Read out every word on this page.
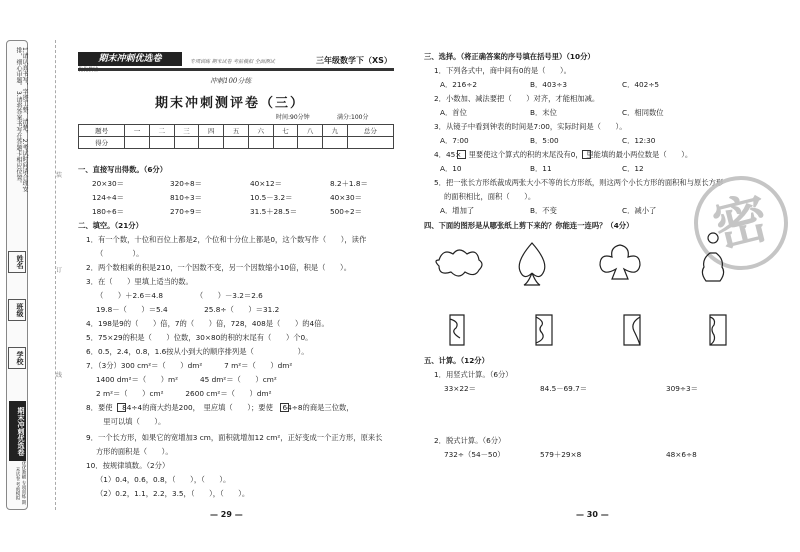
1.请认真书写，字迹工整、清楚。 2.考试时间请合理安排，细心审题。 3.请将答案书写在答题卡相应位置。
姓名
班级
学校
期末冲刺优选卷
优优教辅 专项训练 期末试卷 考前模拟
装
订
线
期末冲刺优选卷	专项训练 期末试卷 考前模拟 全面测试	三年级数学下（XS）
冲刺100分练
期末冲刺测评卷（三）
时间:90分钟	满分:100分
题号	一	二	三	四	五	六	七	八	九	总分
得分										
一、直接写出得数。（6分）
20×30＝	320÷8＝	40×12＝	8.2＋1.8＝
124÷4＝	810÷3＝	10.5－3.2＝	40×30＝
180÷6＝	270÷9＝	31.5＋28.5＝	500÷2＝
二、填空。（21分）
1．有一个数，十位和百位上都是2，个位和十分位上都是0，这个数写作（　　），读作
（　　　　）。
2．两个数相乘的积是210，一个因数不变，另一个因数缩小10倍，积是（　　）。
3．在（　　）里填上适当的数。
（　　）＋2.6＝4.8　　　　　（　　）－3.2＝2.6
19.8－（　　）＝5.4　　　　　25.8÷（　　）＝31.2
4．198是9的（　　）倍，7的（　　）倍，728，408是（　　）的4倍。
5．75×29的积是（　　）位数，30×80的积的末尾有（　　）个0。
6．0.5，2.4，0.8，1.6按从小到大的顺序排列是（　　　　　　）。
7．（3分）300 cm²＝（　　）dm²　　　7 m²＝（　　）dm²
1400 dm²＝（　　）m²　　　45 dm²＝（　　）cm²
2 m²＝（　　）cm²　　　2600 cm²＝（　　）dm²
8．要使　 84÷4的商大约是200，　里应填（　　）；要使　 64÷8的商是三位数，
　里可以填（　　）。
9．一个长方形，如果它的宽增加3 cm，面积就增加12 cm²，正好变成一个正方形，原来长
方形的面积是（　　）。
10．按规律填数。（2分）
（1）0.4，0.6，0.8，（　　），（　　）。
（2）0.2，1.1，2.2，3.5，（　　），（　　）。
— 29 —
三、选择。（将正确答案的序号填在括号里）（10分）
1．下列各式中，商中间有0的是（　　）。
A．216÷2	B．403÷3	C．402÷5
2．小数加、减法要把（　　）对齐，才能相加减。
A．首位	B．末位	C．相同数位
3．从镜子中看到钟表的时间是7:00，实际时间是（　　）。
A．7:00	B．5:00	C．12:30
4．45×　里要使这个算式的积的末尾没有0，　里能填的最小两位数是（　　）。
A．10	B．11	C．12
5．把一张长方形纸裁成两张大小不等的长方形纸，则这两个小长方形的面积和与原长方形
的面积相比，面积（　　）。
A．增加了	B．不变	C．减小了 密
四、下面的图形是从哪张纸上剪下来的？你能连一连吗？（4分）
五、计算。（12分）
1．用竖式计算。（6分）
33×22＝	84.5－69.7＝	309÷3＝
2．脱式计算。（6分）
732÷（54－50）	579＋29×8	48×6÷8
— 30 —
